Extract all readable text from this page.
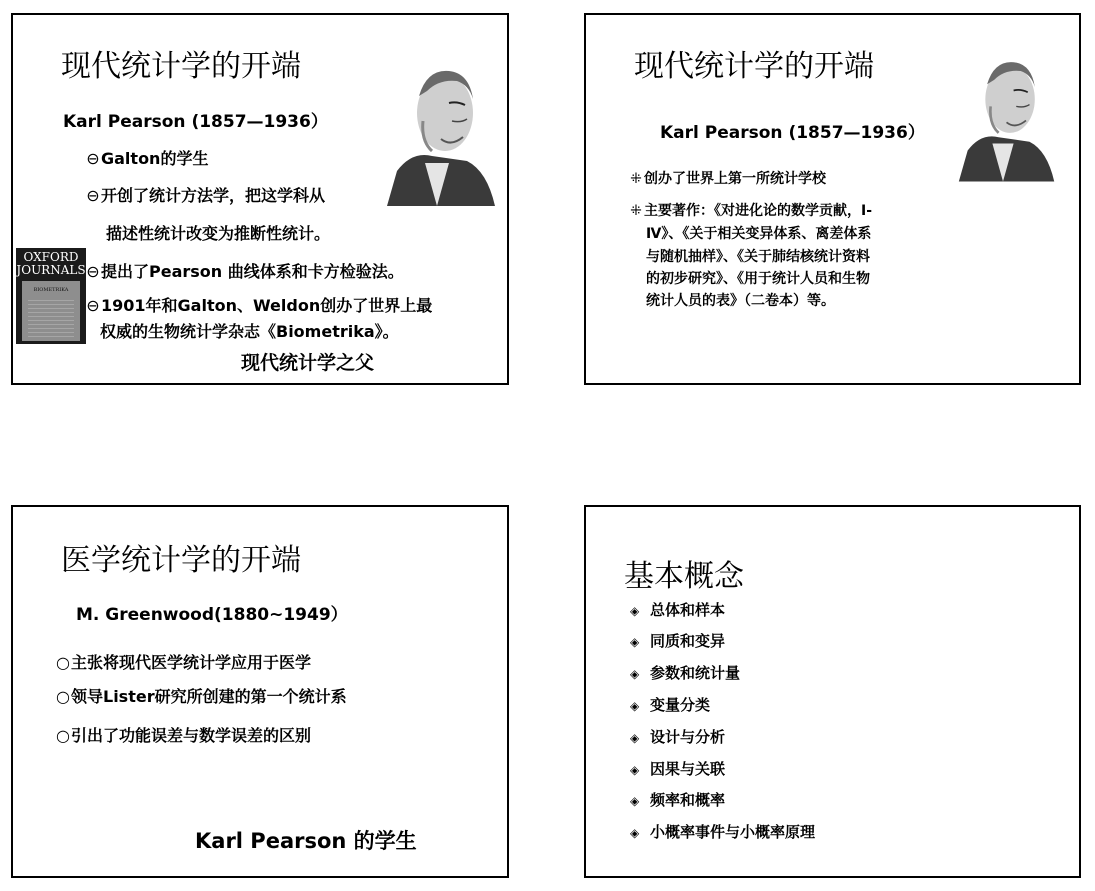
现代统计学的开端
Karl Pearson (1857—1936）
⊖Galton的学生
⊖开创了统计方法学，把这学科从
描述性统计改变为推断性统计。
⊖提出了Pearson 曲线体系和卡方检验法。
⊖1901年和Galton、Weldon创办了世界上最
权威的生物统计学杂志《Biometrika》。
现代统计学之父
OXFORD
JOURNALS
BIOMETRIKA
现代统计学的开端
Karl Pearson (1857—1936）
⁜ 创办了世界上第一所统计学校
⁜ 主要著作：《对进化论的数学贡献，Ⅰ-
Ⅳ》、《关于相关变异体系、离差体系
与随机抽样》、《关于肺结核统计资料
的初步研究》、《用于统计人员和生物
统计人员的表》（二卷本）等。
医学统计学的开端
M. Greenwood(1880~1949）
○主张将现代医学统计学应用于医学
○领导Lister研究所创建的第一个统计系
○引出了功能误差与数学误差的区别
Karl Pearson 的学生
基本概念
◈ 总体和样本
◈ 同质和变异
◈ 参数和统计量
◈ 变量分类
◈ 设计与分析
◈ 因果与关联
◈ 频率和概率
◈ 小概率事件与小概率原理
